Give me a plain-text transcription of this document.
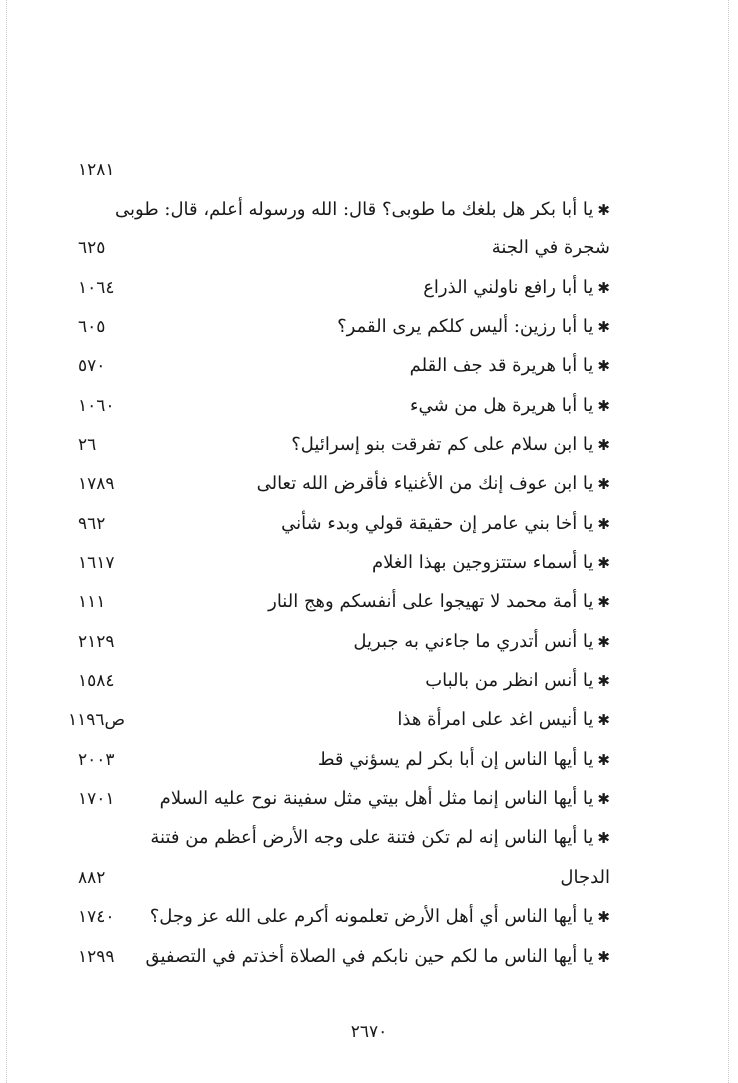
١٢٨١
✱يا أبا بكر هل بلغك ما طوبى؟ قال: الله ورسوله أعلم، قال: طوبى
شجرة في الجنة
٦٢٥
✱يا أبا رافع ناولني الذراع
١٠٦٤
✱يا أبا رزين: أليس كلكم يرى القمر؟
٦٠٥
✱يا أبا هريرة قد جف القلم
٥٧٠
✱يا أبا هريرة هل من شيء
١٠٦٠
✱يا ابن سلام على كم تفرقت بنو إسرائيل؟
٢٦
✱يا ابن عوف إنك من الأغنياء فأقرض الله تعالى
١٧٨٩
✱يا أخا بني عامر إن حقيقة قولي وبدء شأني
٩٦٢
✱يا أسماء ستتزوجين بهذا الغلام
١٦١٧
✱يا أمة محمد لا تهيجوا على أنفسكم وهج النار
١١١
✱يا أنس أتدري ما جاءني به جبريل
٢١٢٩
✱يا أنس انظر من بالباب
١٥٨٤
✱يا أنيس اغد على امرأة هذا
ص١١٩٦
✱يا أيها الناس إن أبا بكر لم يسؤني قط
٢٠٠٣
✱يا أيها الناس إنما مثل أهل بيتي مثل سفينة نوح عليه السلام
١٧٠١
✱يا أيها الناس إنه لم تكن فتنة على وجه الأرض أعظم من فتنة
الدجال
٨٨٢
✱يا أيها الناس أي أهل الأرض تعلمونه أكرم على الله عز وجل؟
١٧٤٠
✱يا أيها الناس ما لكم حين نابكم في الصلاة أخذتم في التصفيق
١٢٩٩
٢٦٧٠
